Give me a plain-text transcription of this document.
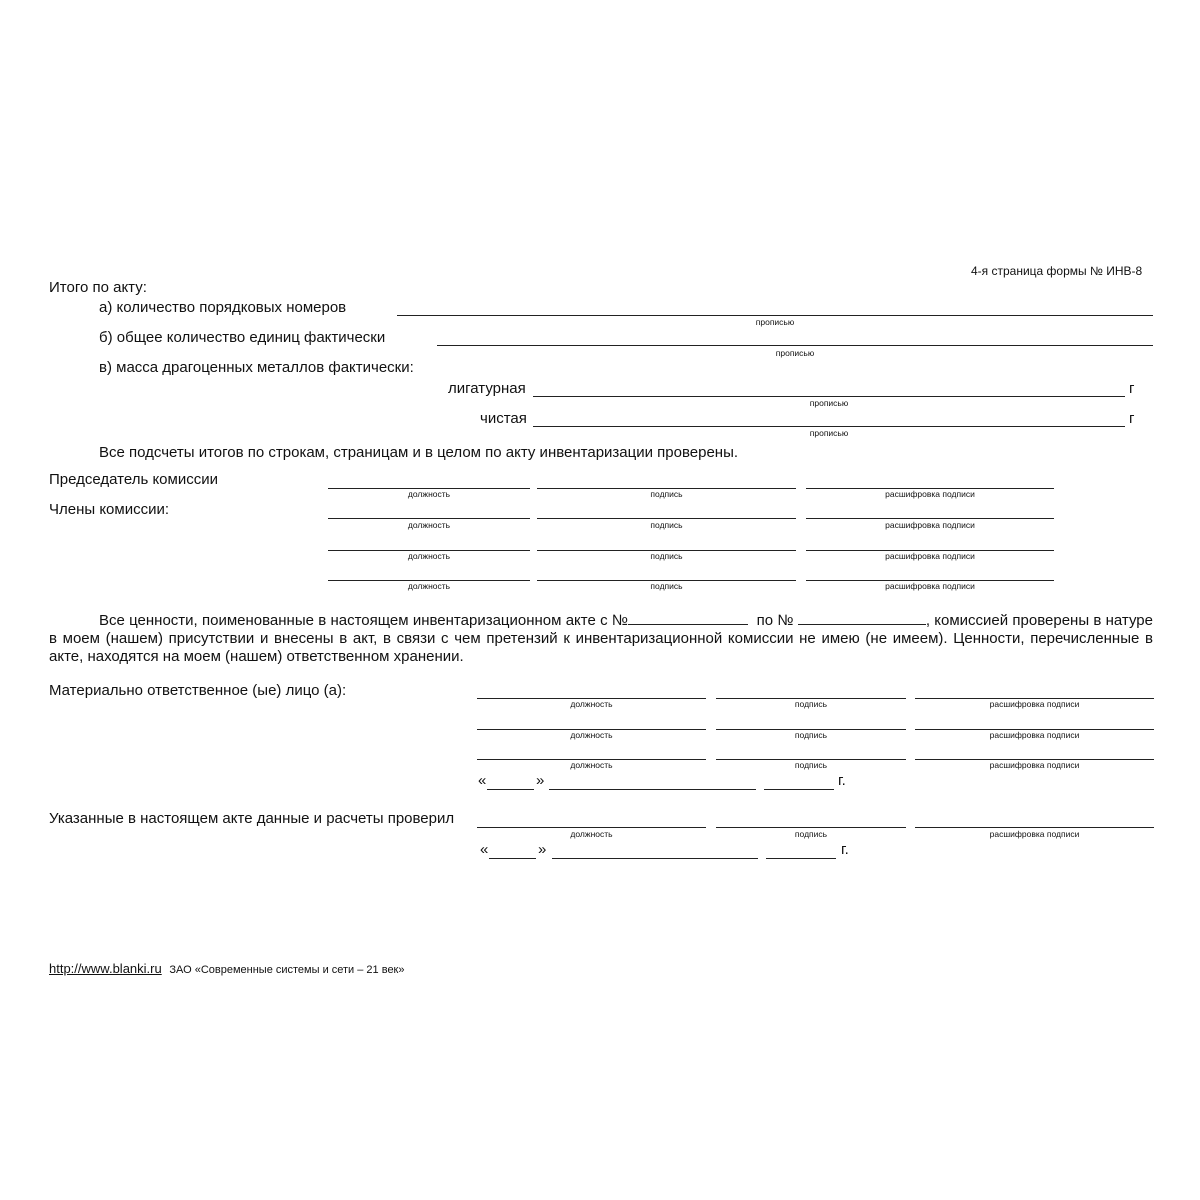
4-я страница формы № ИНВ-8
Итого по акту:
а) количество порядковых номеров
прописью
б) общее количество единиц фактически
прописью
в) масса драгоценных металлов фактически:
лигатурная	г
прописью
чистая	г
прописью
Все подсчеты итогов по строкам, страницам и в целом по акту инвентаризации проверены.
Председатель комиссии
Члены комиссии:
должность	подпись	расшифровка подписи
должность	подпись	расшифровка подписи
должность	подпись	расшифровка подписи
должность	подпись	расшифровка подписи
Все ценности, поименованные в настоящем инвентаризационном акте с №	по №	, комиссией проверены в натуре в моем (нашем) присутствии и внесены в акт, в связи с чем претензий к инвентаризационной комиссии не имею (не имеем). Ценности, перечисленные в акте, находятся на моем (нашем) ответственном хранении.
Материально ответственное (ые) лицо (а):
должность	подпись	расшифровка подписи
должность	подпись	расшифровка подписи
должность	подпись	расшифровка подписи
«	»	г.
Указанные в настоящем акте данные и расчеты проверил
должность	подпись	расшифровка подписи
«	»	г.
http://www.blanki.ru ЗАО «Современные системы и сети – 21 век»
